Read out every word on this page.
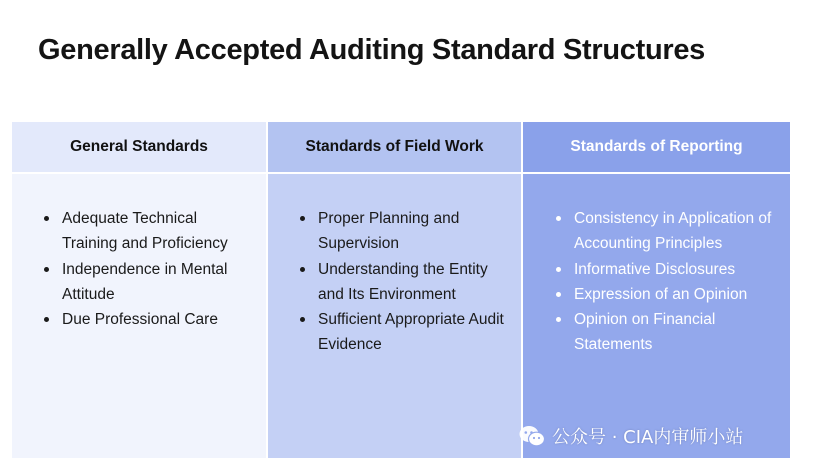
Generally Accepted Auditing Standard Structures
General Standards
Adequate Technical Training and Proficiency
Independence in Mental Attitude
Due Professional Care
Standards of Field Work
Proper Planning and Supervision
Understanding the Entity and Its Environment
Sufficient Appropriate Audit Evidence
Standards of Reporting
Consistency in Application of Accounting Principles
Informative Disclosures
Expression of an Opinion
Opinion on Financial Statements
公众号 · CIA内审师小站
